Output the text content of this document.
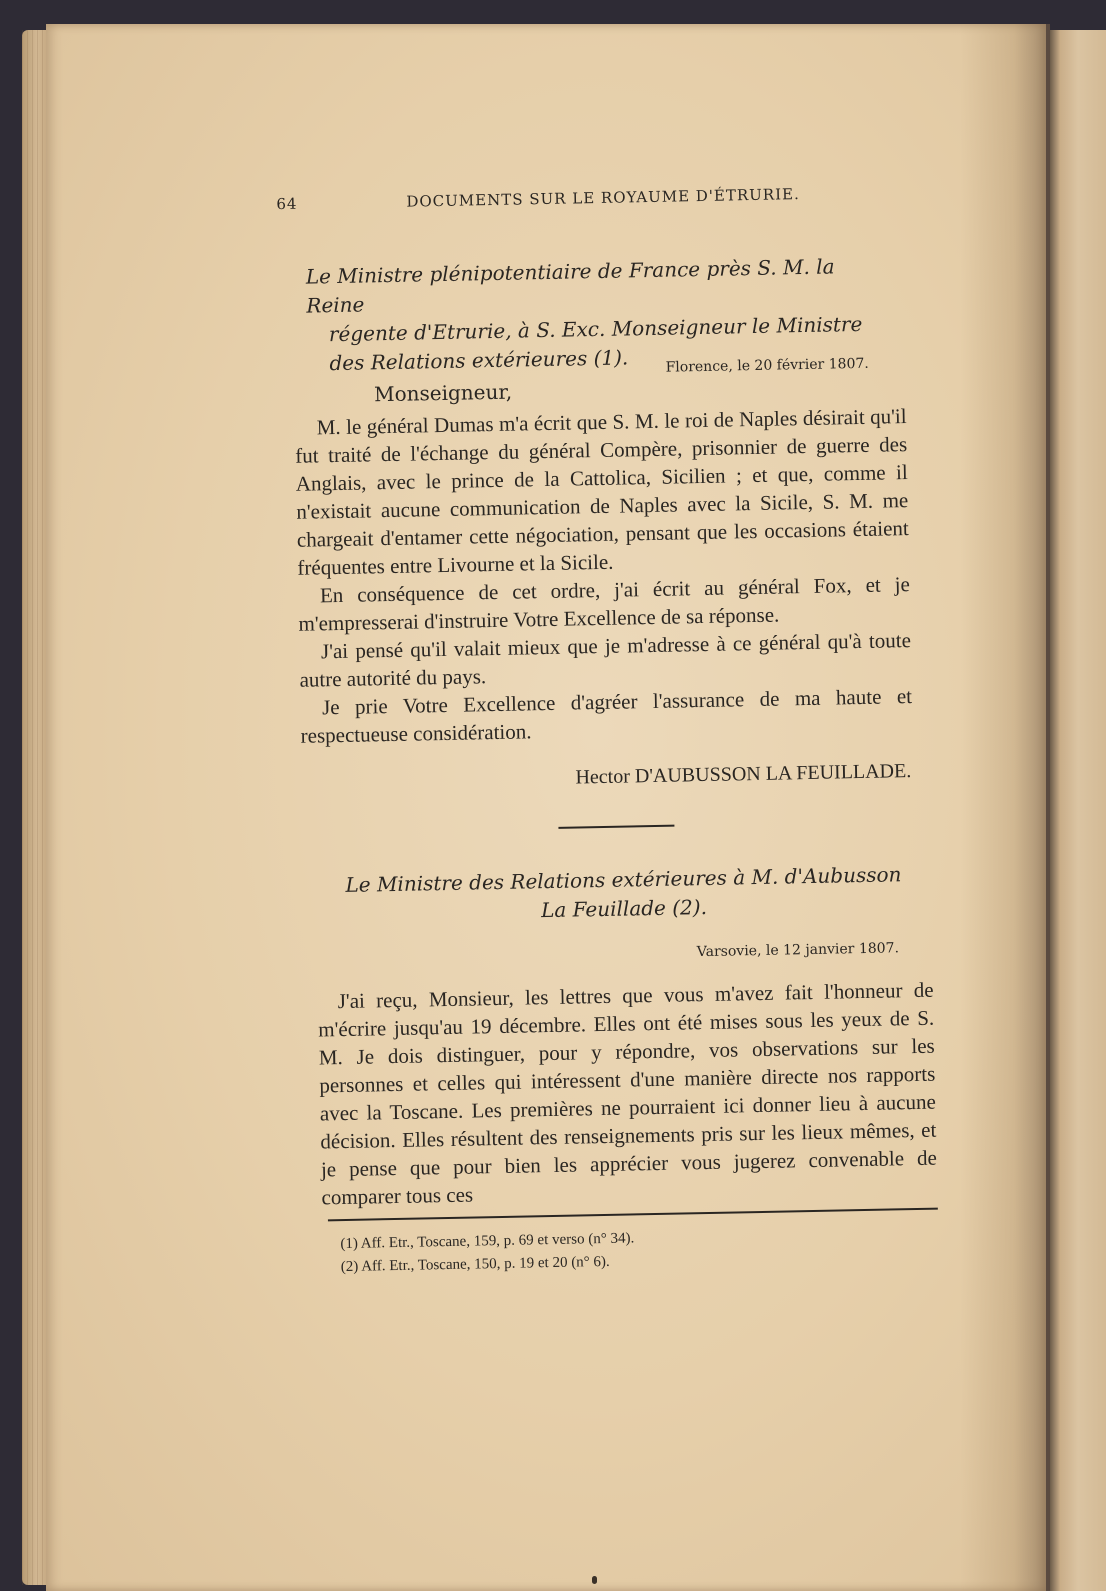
64	DOCUMENTS SUR LE ROYAUME D'ÉTRURIE.
Le Ministre plénipotentiaire de France près S. M. la Reine
régente d'Etrurie, à S. Exc. Monseigneur le Ministre
des Relations extérieures (1).	Florence, le 20 février 1807.
Monseigneur,

M. le général Dumas m'a écrit que S. M. le roi de Naples désirait qu'il fut traité de l'échange du général Compère, prisonnier de guerre des Anglais, avec le prince de la Cattolica, Sicilien ; et que, comme il n'existait aucune communication de Naples avec la Sicile, S. M. me chargeait d'entamer cette négociation, pensant que les occasions étaient fréquentes entre Livourne et la Sicile.

En conséquence de cet ordre, j'ai écrit au général Fox, et je m'empresserai d'instruire Votre Excellence de sa réponse.

J'ai pensé qu'il valait mieux que je m'adresse à ce général qu'à toute autre autorité du pays.

Je prie Votre Excellence d'agréer l'assurance de ma haute et respectueuse considération.

Hector D'AUBUSSON LA FEUILLADE.
Le Ministre des Relations extérieures à M. d'Aubusson
La Feuillade (2).
Varsovie, le 12 janvier 1807.

J'ai reçu, Monsieur, les lettres que vous m'avez fait l'honneur de m'écrire jusqu'au 19 décembre. Elles ont été mises sous les yeux de S. M. Je dois distinguer, pour y répondre, vos observations sur les personnes et celles qui intéressent d'une manière directe nos rapports avec la Toscane. Les premières ne pourraient ici donner lieu à aucune décision. Elles résultent des renseignements pris sur les lieux mêmes, et je pense que pour bien les apprécier vous jugerez convenable de comparer tous ces

(1) Aff. Etr., Toscane, 159, p. 69 et verso (n° 34).
(2) Aff. Etr., Toscane, 150, p. 19 et 20 (n° 6).
